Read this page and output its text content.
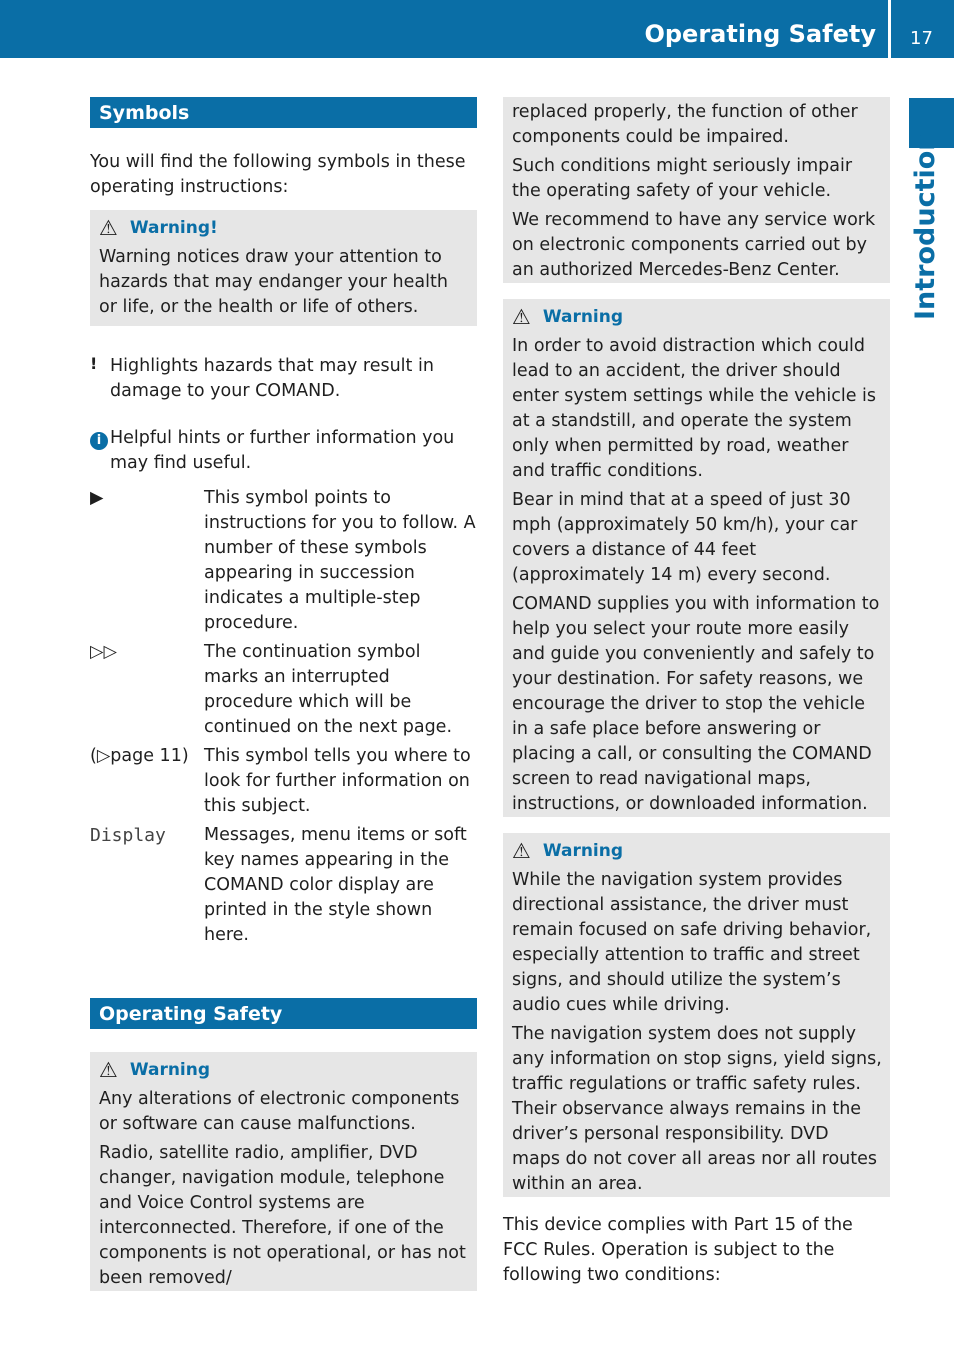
Operating Safety 17
Introduction
Symbols

You will find the following symbols in these operating instructions:

⚠ Warning!

Warning notices draw your attention to hazards that may endanger your health or life, or the health or life of others.

! Highlights hazards that may result in damage to your COMAND.

i Helpful hints or further information you may find useful.

▶	This symbol points to instructions for you to follow. A number of these symbols appearing in succession indicates a multiple-step procedure.

▷▷	The continuation symbol marks an interrupted procedure which will be continued on the next page.

(▷page 11) This symbol tells you where to look for further information on this subject.

Display	Messages, menu items or soft key names appearing in the COMAND color display are printed in the style shown here.

Operating Safety
⚠ Warning

Any alterations of electronic components or software can cause malfunctions.

Radio, satellite radio, amplifier, DVD changer, navigation module, telephone and Voice Control systems are interconnected. Therefore, if one of the components is not operational, or has not been removed/

replaced properly, the function of other components could be impaired.

Such conditions might seriously impair the operating safety of your vehicle.

We recommend to have any service work on electronic components carried out by an authorized Mercedes-Benz Center.

⚠ Warning

In order to avoid distraction which could lead to an accident, the driver should enter system settings while the vehicle is at a standstill, and operate the system only when permitted by road, weather and traffic conditions.

Bear in mind that at a speed of just 30 mph (approximately 50 km/h), your car covers a distance of 44 feet (approximately 14 m) every second.

COMAND supplies you with information to help you select your route more easily and guide you conveniently and safely to your destination. For safety reasons, we encourage the driver to stop the vehicle in a safe place before answering or placing a call, or consulting the COMAND screen to read navigational maps, instructions, or downloaded information.

⚠ Warning

While the navigation system provides directional assistance, the driver must remain focused on safe driving behavior, especially attention to traffic and street signs, and should utilize the system’s audio cues while driving.

The navigation system does not supply any information on stop signs, yield signs, traffic regulations or traffic safety rules. Their observance always remains in the driver’s personal responsibility. DVD maps do not cover all areas nor all routes within an area.

This device complies with Part 15 of the FCC Rules. Operation is subject to the following two conditions:
